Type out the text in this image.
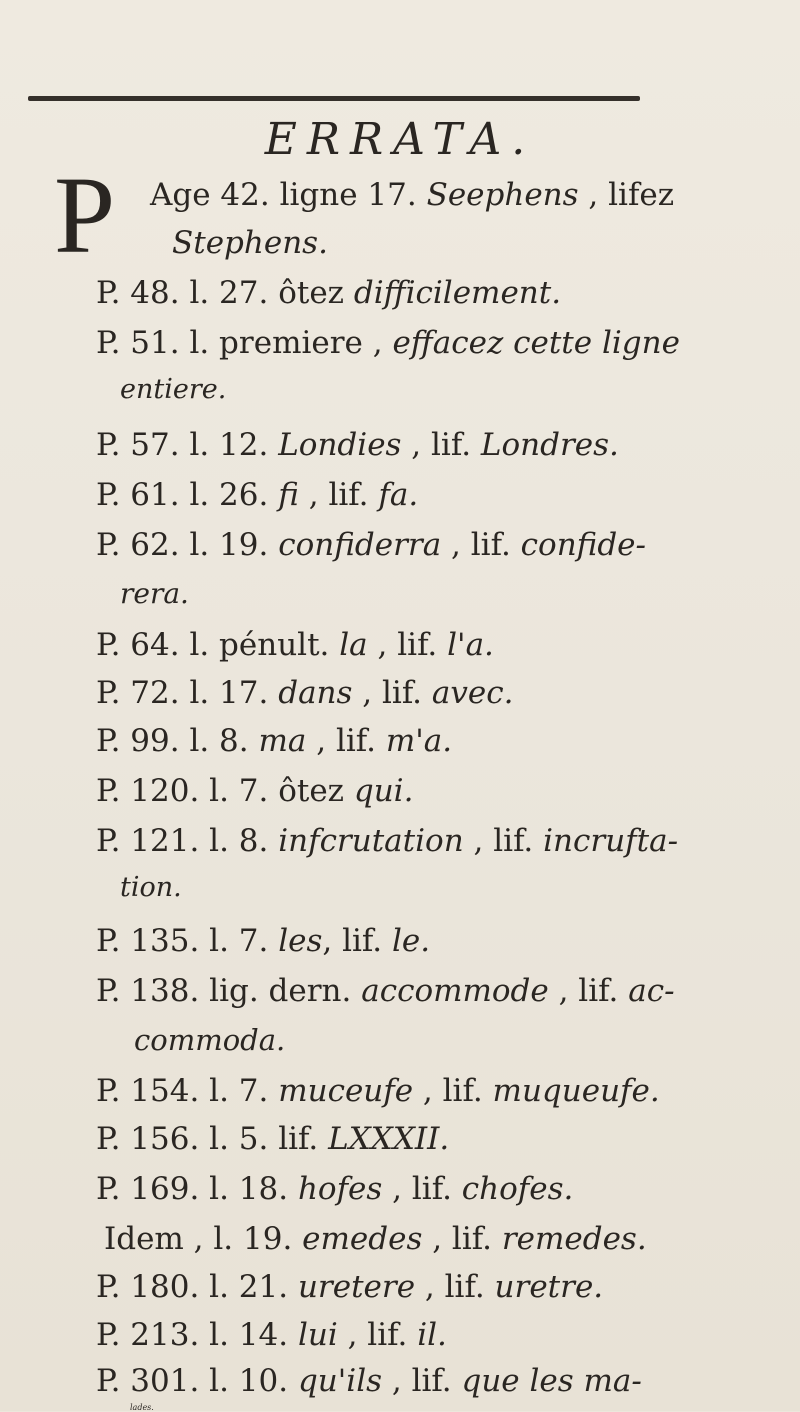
ERRATA.
P Age 42. ligne 17. Seephens , lifez
Stephens.
P. 48. l. 27. ôtez difficilement.
P. 51. l. premiere , effacez cette ligne
entiere.
P. 57. l. 12. Londies , lif. Londres.
P. 61. l. 26. fi , lif. fa.
P. 62. l. 19. confiderra , lif. confide-
rera.
P. 64. l. pénult. la , lif. l'a.
P. 72. l. 17. dans , lif. avec.
P. 99. l. 8. ma , lif. m'a.
P. 120. l. 7. ôtez qui.
P. 121. l. 8. infcrutation , lif. incrufta-
tion.
P. 135. l. 7. les, lif. le.
P. 138. lig. dern. accommode , lif. ac-
commoda.
P. 154. l. 7. muceufe , lif. muqueufe.
P. 156. l. 5. lif. LXXXII.
P. 169. l. 18. hofes , lif. chofes.
Idem , l. 19. emedes , lif. remedes.
P. 180. l. 21. uretere , lif. uretre.
P. 213. l. 14. lui , lif. il.
P. 301. l. 10. qu'ils , lif. que les ma-
lades.
